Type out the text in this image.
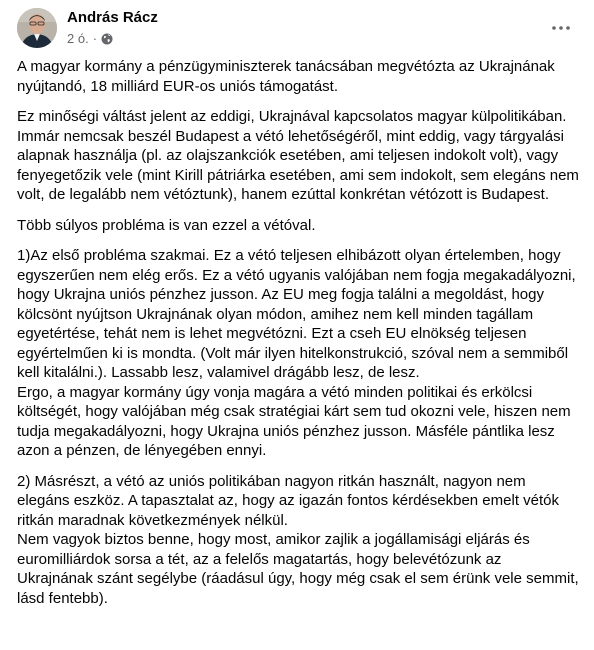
András Rácz
2 ó. ·

A magyar kormány a pénzügyminiszterek tanácsában megvétózta az Ukrajnának nyújtandó, 18 milliárd EUR-os uniós támogatást.

Ez minőségi váltást jelent az eddigi, Ukrajnával kapcsolatos magyar külpolitikában. Immár nemcsak beszél Budapest a vétó lehetőségéről, mint eddig, vagy tárgyalási alapnak használja (pl. az olajszankciók esetében, ami teljesen indokolt volt), vagy fenyegetőzik vele (mint Kirill pátriárka esetében, ami sem indokolt, sem elegáns nem volt, de legalább nem vétóztunk), hanem ezúttal konkrétan vétózott is Budapest.

Több súlyos probléma is van ezzel a vétóval.

1)Az első probléma szakmai. Ez a vétó teljesen elhibázott olyan értelemben, hogy egyszerűen nem elég erős. Ez a vétó ugyanis valójában nem fogja megakadályozni, hogy Ukrajna uniós pénzhez jusson. Az EU meg fogja találni a megoldást, hogy kölcsönt nyújtson Ukrajnának olyan módon, amihez nem kell minden tagállam egyetértése, tehát nem is lehet megvétózni. Ezt a cseh EU elnökség teljesen egyértelműen ki is mondta. (Volt már ilyen hitelkonstrukció, szóval nem a semmiből kell kitalálni.). Lassabb lesz, valamivel drágább lesz, de lesz.
Ergo, a magyar kormány úgy vonja magára a vétó minden politikai és erkölcsi költségét, hogy valójában még csak stratégiai kárt sem tud okozni vele, hiszen nem tudja megakadályozni, hogy Ukrajna uniós pénzhez jusson. Másféle pántlika lesz azon a pénzen, de lényegében ennyi.

2) Másrészt, a vétó az uniós politikában nagyon ritkán használt, nagyon nem elegáns eszköz. A tapasztalat az, hogy az igazán fontos kérdésekben emelt vétók ritkán maradnak következmények nélkül.
Nem vagyok biztos benne, hogy most, amikor zajlik a jogállamisági eljárás és euromilliárdok sorsa a tét, az a felelős magatartás, hogy belevétózunk az Ukrajnának szánt segélybe (ráadásul úgy, hogy még csak el sem érünk vele semmit, lásd fentebb).
